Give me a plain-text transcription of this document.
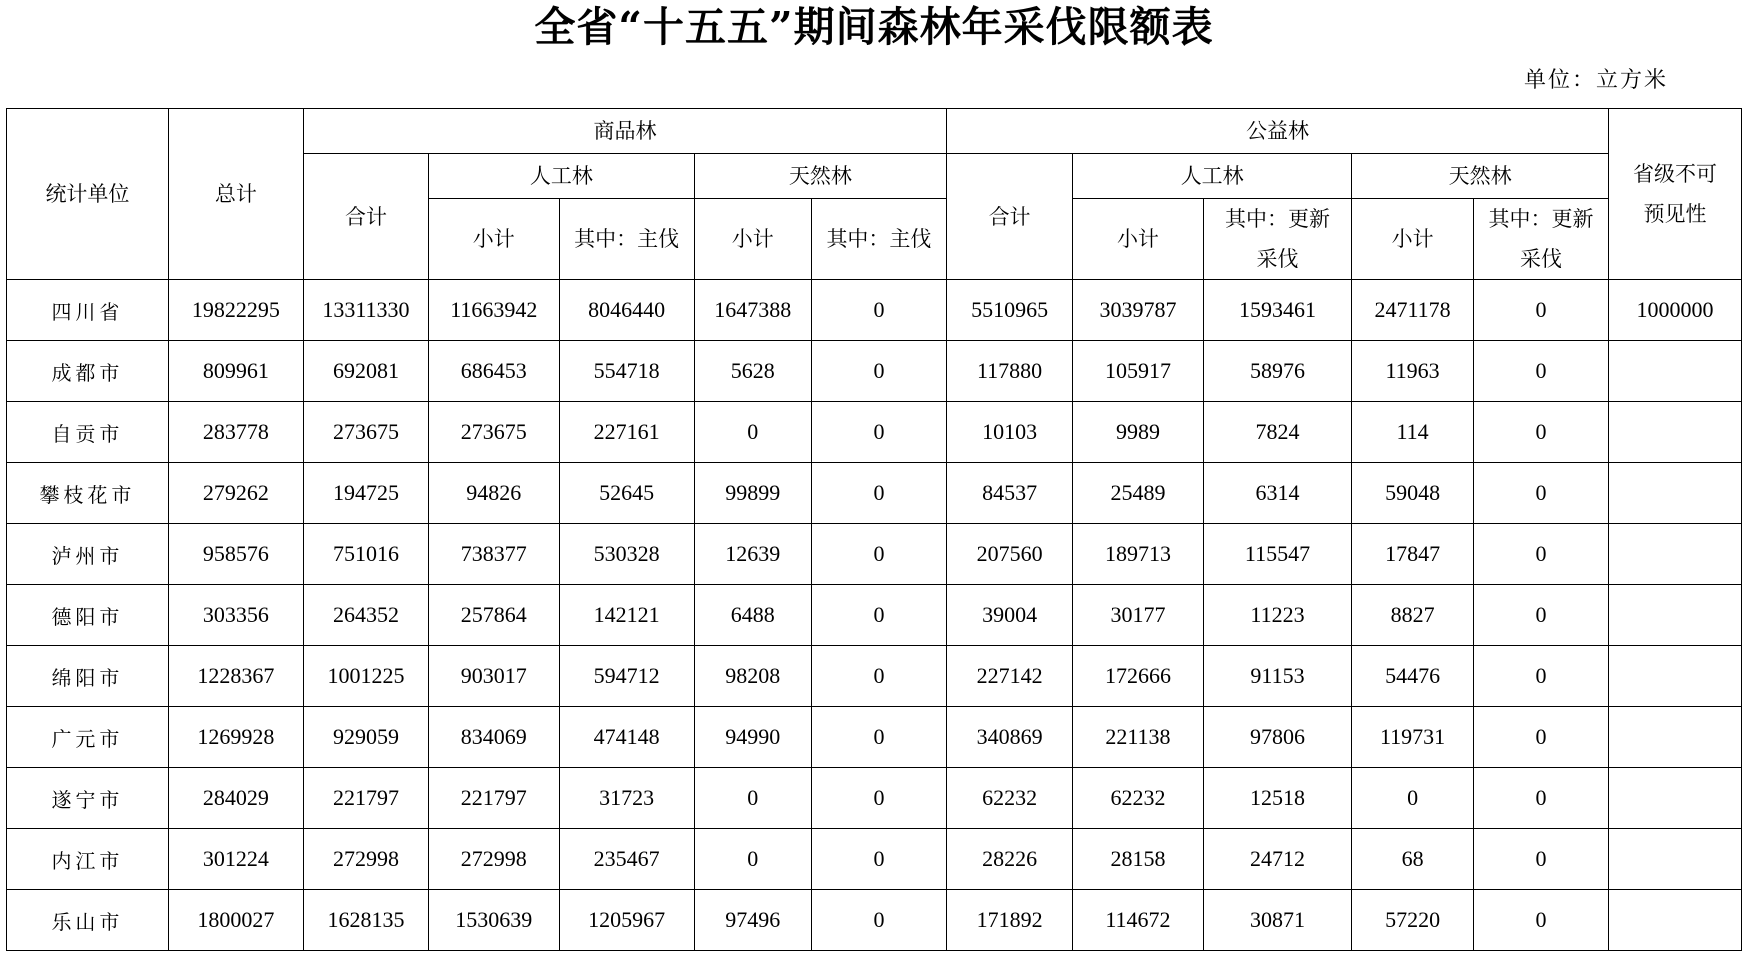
全省“十五五”期间森林年采伐限额表
单位：立方米
统计单位	总计	商品林					公益林					省级不可预见性
		合计	人工林		天然林		合计	人工林		天然林		
			小计	其中：主伐	小计	其中：主伐		小计	其中：更新采伐	小计	其中：更新采伐	
四川省	19822295	13311330	11663942	8046440	1647388	0	5510965	3039787	1593461	2471178	0	1000000
成都市	809961	692081	686453	554718	5628	0	117880	105917	58976	11963	0	
自贡市	283778	273675	273675	227161	0	0	10103	9989	7824	114	0	
攀枝花市	279262	194725	94826	52645	99899	0	84537	25489	6314	59048	0	
泸州市	958576	751016	738377	530328	12639	0	207560	189713	115547	17847	0	
德阳市	303356	264352	257864	142121	6488	0	39004	30177	11223	8827	0	
绵阳市	1228367	1001225	903017	594712	98208	0	227142	172666	91153	54476	0	
广元市	1269928	929059	834069	474148	94990	0	340869	221138	97806	119731	0	
遂宁市	284029	221797	221797	31723	0	0	62232	62232	12518	0	0	
内江市	301224	272998	272998	235467	0	0	28226	28158	24712	68	0	
乐山市	1800027	1628135	1530639	1205967	97496	0	171892	114672	30871	57220	0	
